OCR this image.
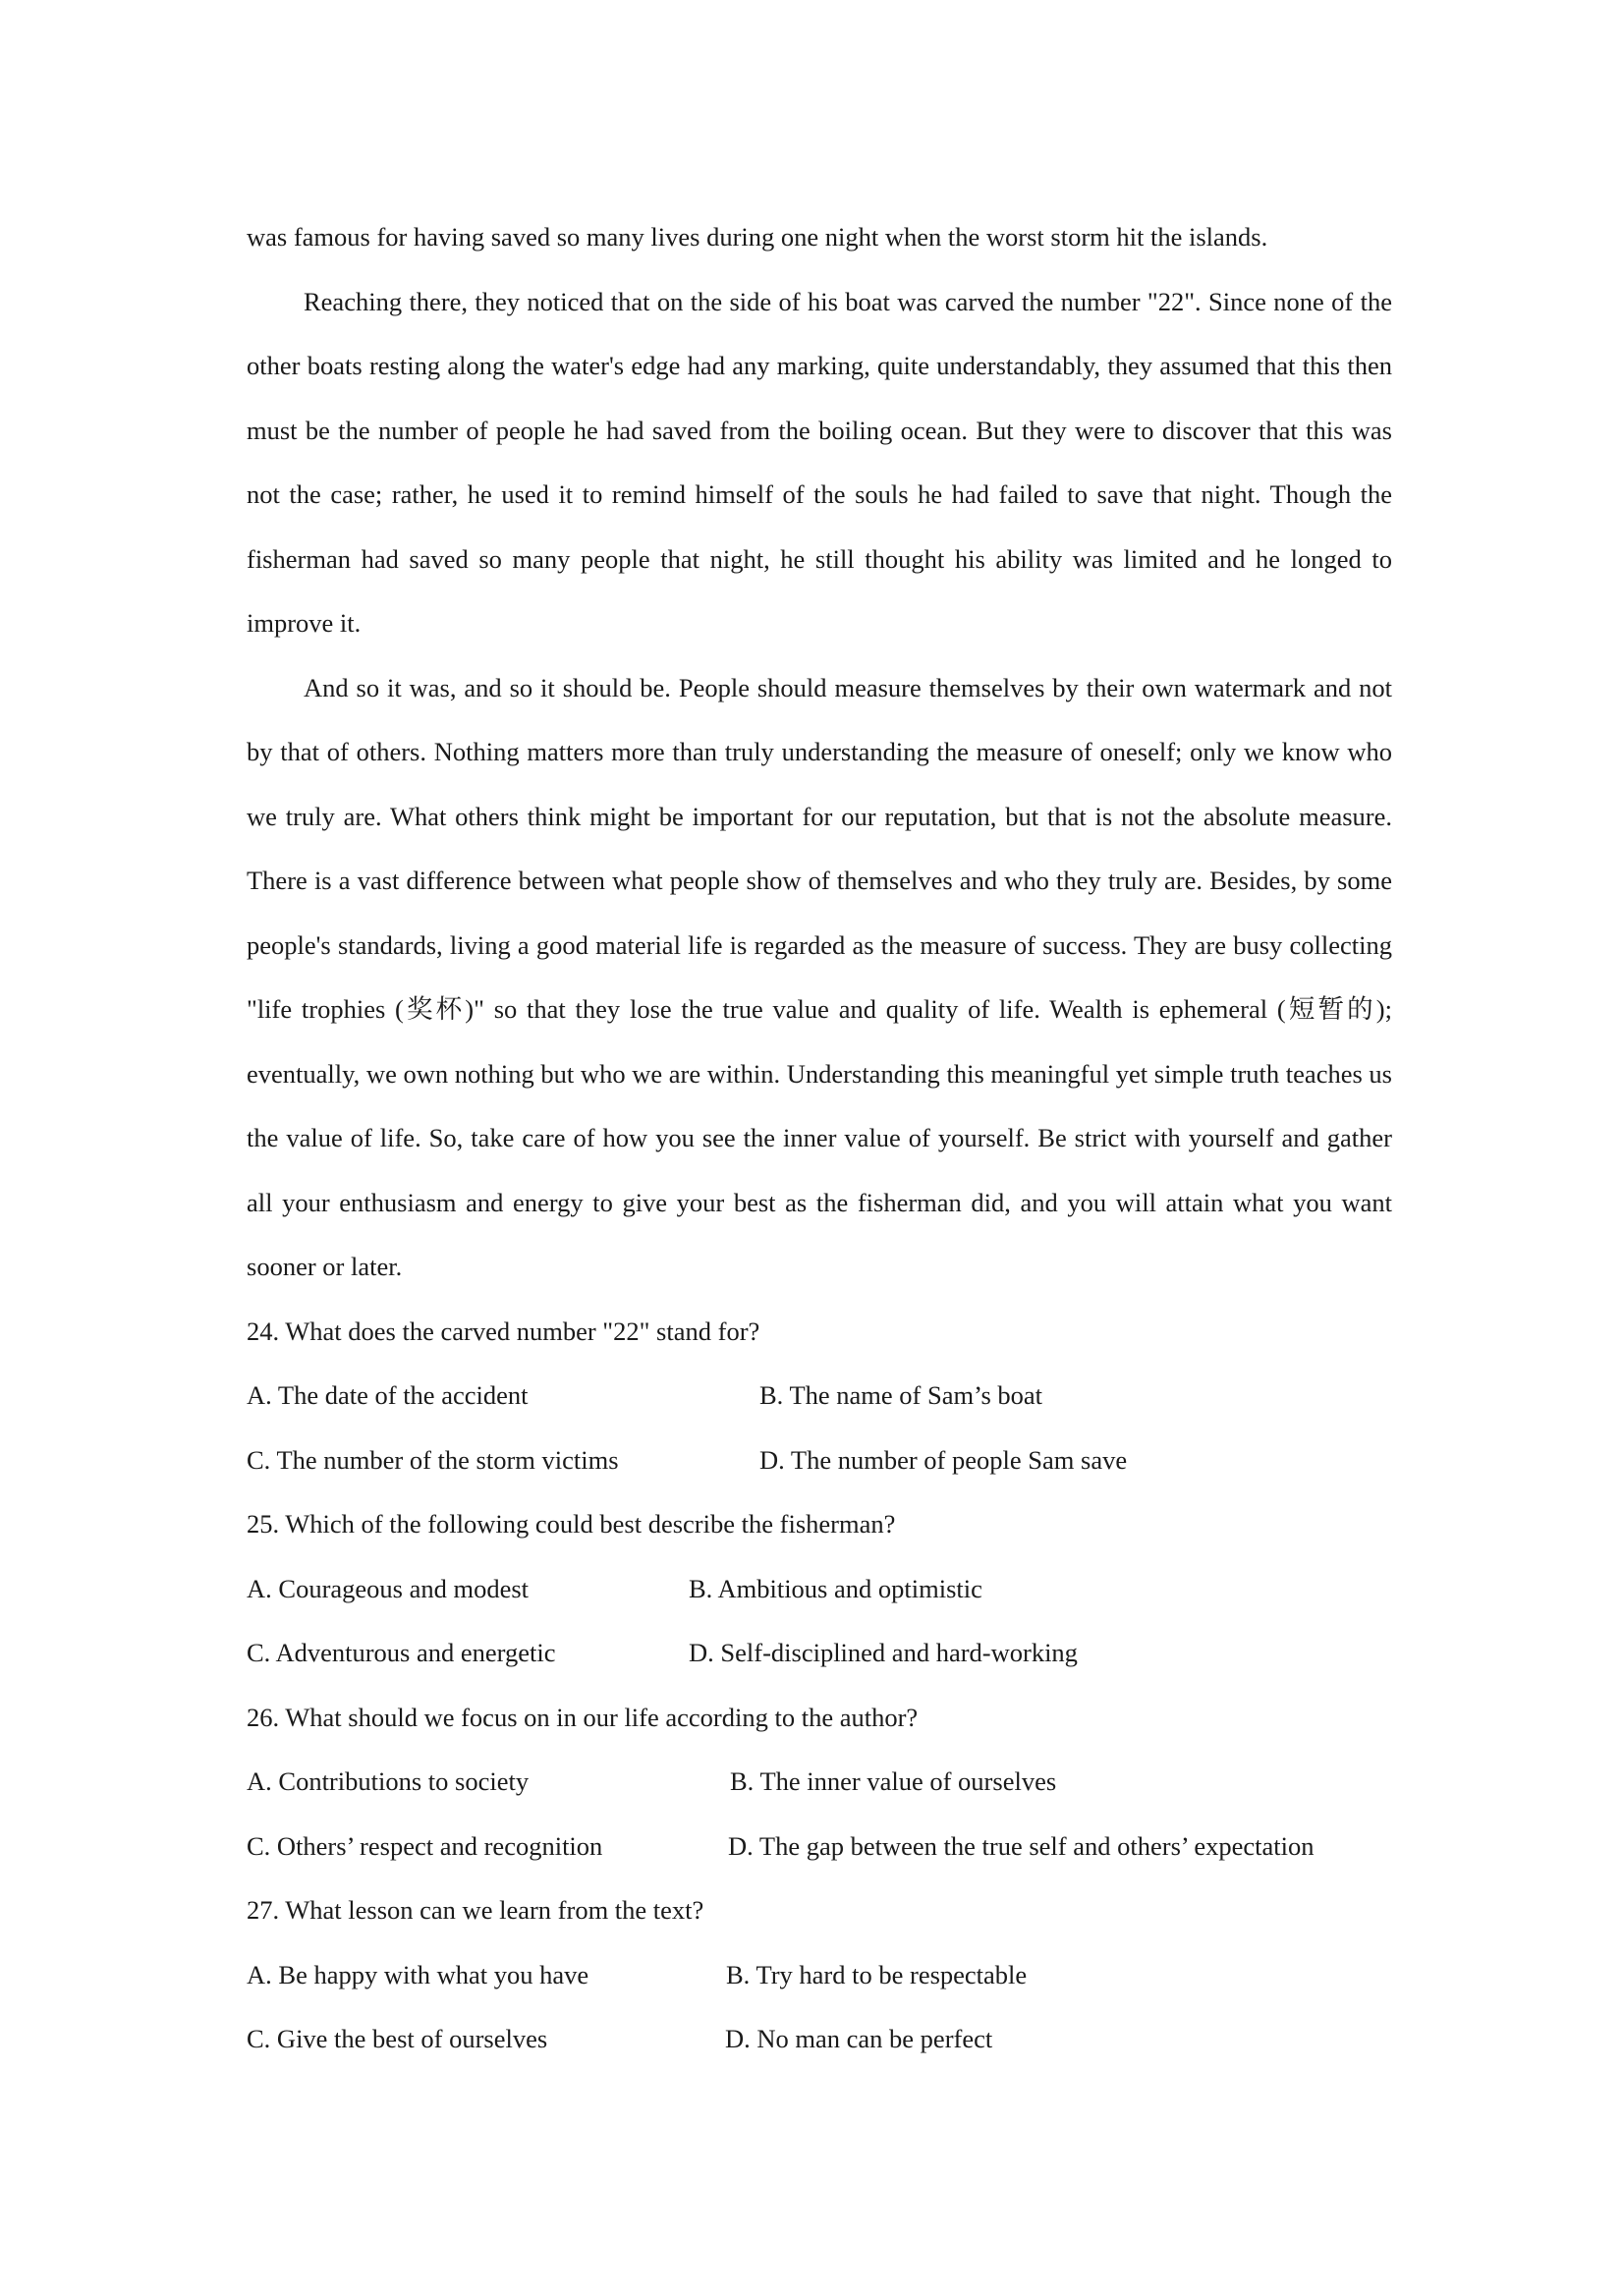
was famous for having saved so many lives during one night when the worst storm hit the islands.

Reaching there, they noticed that on the side of his boat was carved the number "22". Since none of the other boats resting along the water's edge had any marking, quite understandably, they assumed that this then must be the number of people he had saved from the boiling ocean. But they were to discover that this was not the case; rather, he used it to remind himself of the souls he had failed to save that night. Though the fisherman had saved so many people that night, he still thought his ability was limited and he longed to improve it.

And so it was, and so it should be. People should measure themselves by their own watermark and not by that of others. Nothing matters more than truly understanding the measure of oneself; only we know who we truly are. What others think might be important for our reputation, but that is not the absolute measure. There is a vast difference between what people show of themselves and who they truly are. Besides, by some people's standards, living a good material life is regarded as the measure of success. They are busy collecting "life trophies (奖杯)" so that they lose the true value and quality of life. Wealth is ephemeral (短暂的); eventually, we own nothing but who we are within. Understanding this meaningful yet simple truth teaches us the value of life. So, take care of how you see the inner value of yourself. Be strict with yourself and gather all your enthusiasm and energy to give your best as the fisherman did, and you will attain what you want sooner or later.

24. What does the carved number "22" stand for?

A. The date of the accident	B. The name of Sam’s boat
C. The number of the storm victims	D. The number of people Sam save

25. Which of the following could best describe the fisherman?

A. Courageous and modest	B. Ambitious and optimistic
C. Adventurous and energetic	D. Self-disciplined and hard-working

26. What should we focus on in our life according to the author?

A. Contributions to society	B. The inner value of ourselves
C. Others’ respect and recognition	D. The gap between the true self and others’ expectation

27. What lesson can we learn from the text?

A. Be happy with what you have	B. Try hard to be respectable
C. Give the best of ourselves	D. No man can be perfect
